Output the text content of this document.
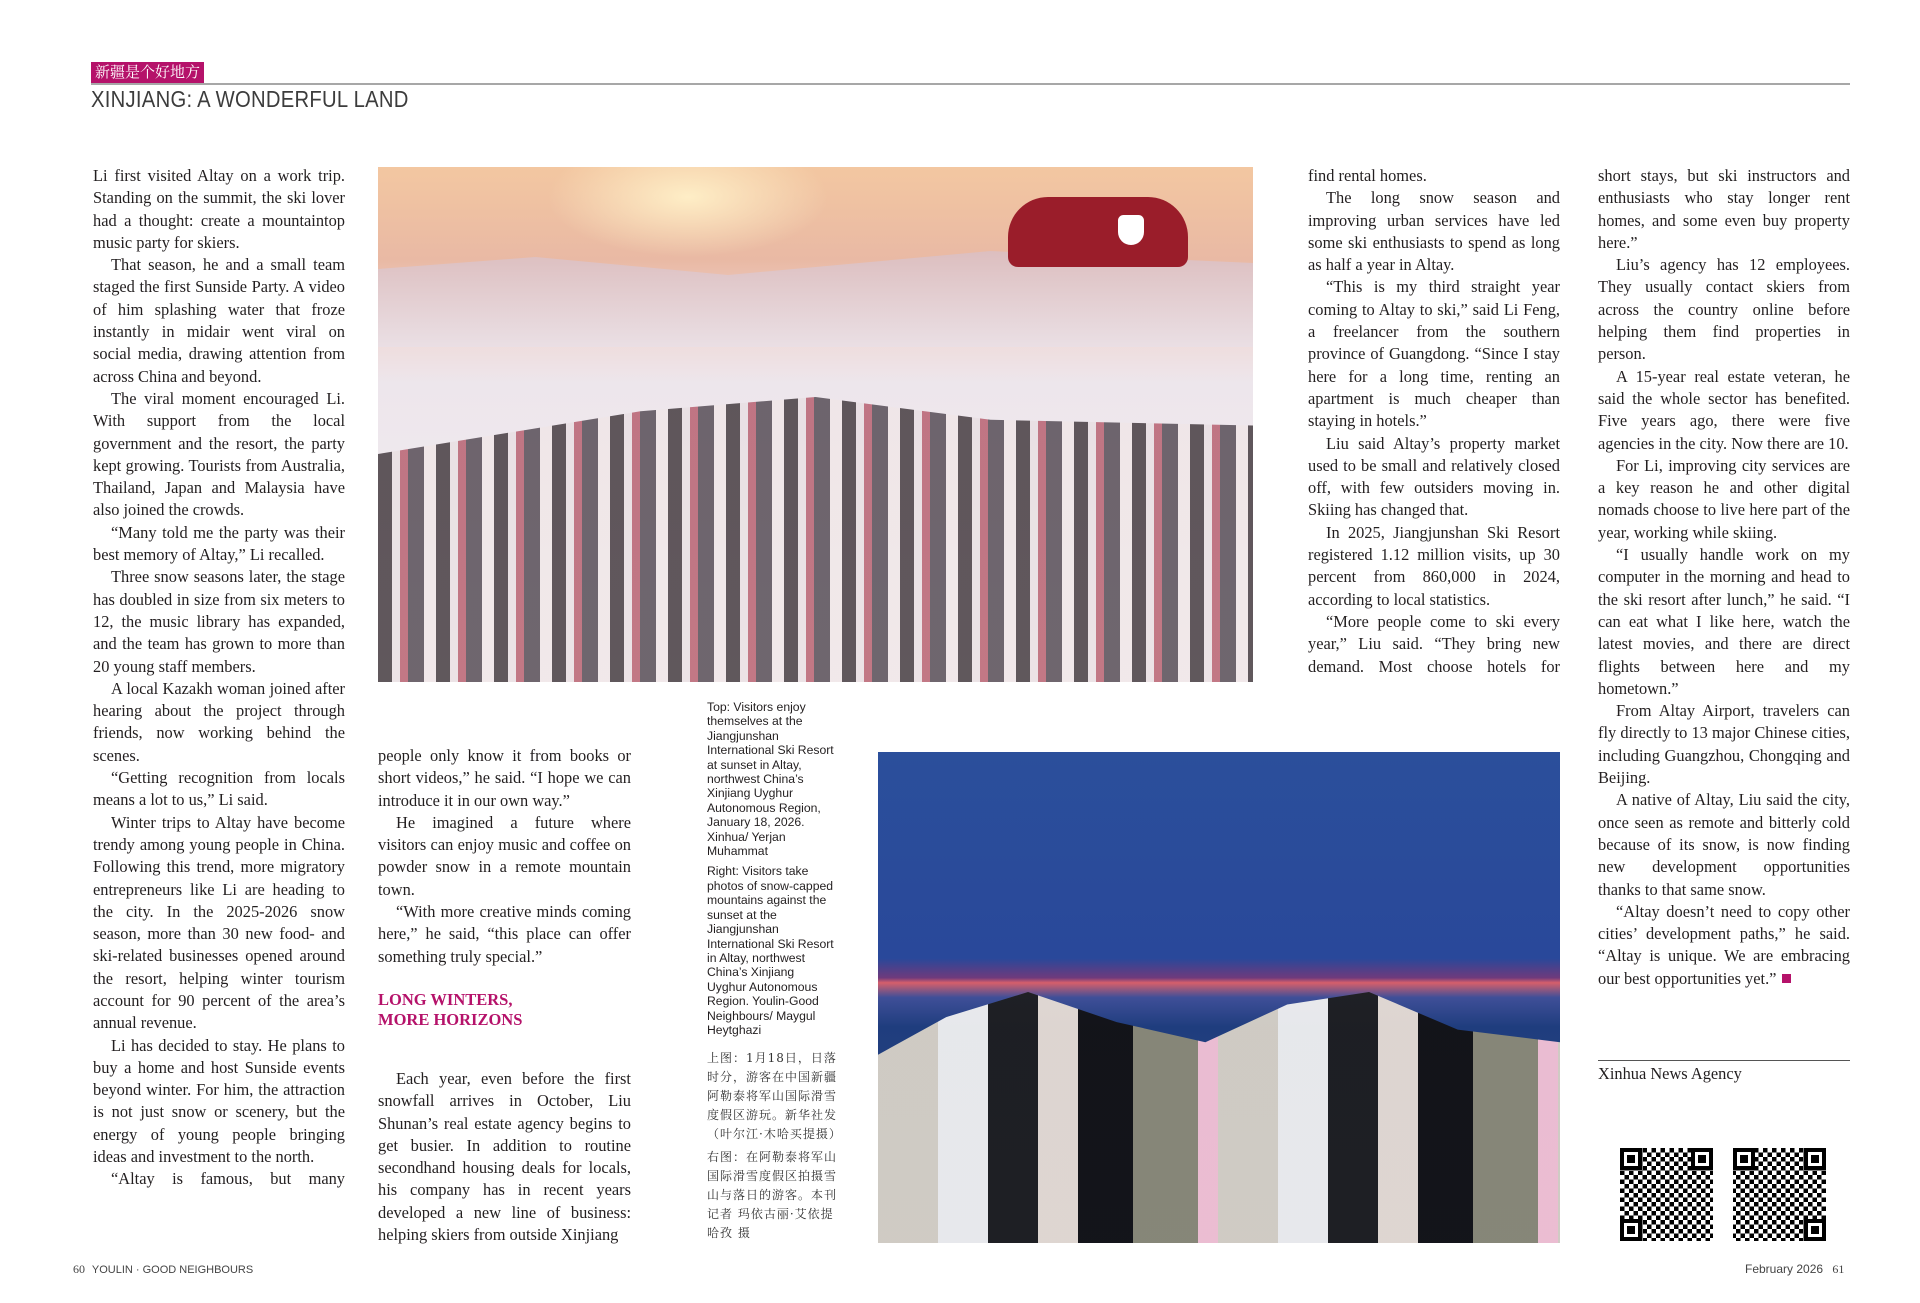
新疆是个好地方
XINJIANG: A WONDERFUL LAND

Li first visited Altay on a work trip. Standing on the summit, the ski lover had a thought: create a mountaintop music party for skiers.

That season, he and a small team staged the first Sunside Party. A video of him splashing water that froze instantly in midair went viral on social media, drawing attention from across China and beyond.

The viral moment encouraged Li. With support from the local government and the resort, the party kept growing. Tourists from Australia, Thailand, Japan and Malaysia have also joined the crowds.

“Many told me the party was their best memory of Altay,” Li recalled.

Three snow seasons later, the stage has doubled in size from six meters to 12, the music library has expanded, and the team has grown to more than 20 young staff members.

A local Kazakh woman joined after hearing about the project through friends, now working behind the scenes.

“Getting recognition from locals means a lot to us,” Li said.

Winter trips to Altay have become trendy among young people in China. Following this trend, more migratory entrepreneurs like Li are heading to the city. In the 2025-2026 snow season, more than 30 new food- and ski-related businesses opened around the resort, helping winter tourism account for 90 percent of the area’s annual revenue.

Li has decided to stay. He plans to buy a home and host Sunside events beyond winter. For him, the attraction is not just snow or scenery, but the energy of young people bringing ideas and investment to the north.

“Altay is famous, but many

people only know it from books or short videos,” he said. “I hope we can introduce it in our own way.”

He imagined a future where visitors can enjoy music and coffee on powder snow in a remote mountain town.

“With more creative minds coming here,” he said, “this place can offer something truly special.”

LONG WINTERS,
MORE HORIZONS

Each year, even before the first snowfall arrives in October, Liu Shunan’s real estate agency begins to get busier. In addition to routine secondhand housing deals for locals, his company has in recent years developed a new line of business: helping skiers from outside Xinjiang

Top: Visitors enjoy themselves at the Jiangjunshan International Ski Resort at sunset in Altay, northwest China’s Xinjiang Uyghur Autonomous Region, January 18, 2026. Xinhua/ Yerjan Muhammat

Right: Visitors take photos of snow-capped mountains against the sunset at the Jiangjunshan International Ski Resort in Altay, northwest China’s Xinjiang Uyghur Autonomous Region. Youlin-Good Neighbours/ Maygul Heytghazi

上图：1月18日，日落时分，游客在中国新疆阿勒泰将军山国际滑雪度假区游玩。新华社发（叶尔江·木哈买提摄）

右图：在阿勒泰将军山国际滑雪度假区拍摄雪山与落日的游客。本刊记者 玛依古丽·艾依提哈孜 摄

find rental homes.

The long snow season and improving urban services have led some ski enthusiasts to spend as long as half a year in Altay.

“This is my third straight year coming to Altay to ski,” said Li Feng, a freelancer from the southern province of Guangdong. “Since I stay here for a long time, renting an apartment is much cheaper than staying in hotels.”

Liu said Altay’s property market used to be small and relatively closed off, with few outsiders moving in. Skiing has changed that.

In 2025, Jiangjunshan Ski Resort registered 1.12 million visits, up 30 percent from 860,000 in 2024, according to local statistics.

“More people come to ski every year,” Liu said. “They bring new demand. Most choose hotels for

short stays, but ski instructors and enthusiasts who stay longer rent homes, and some even buy property here.”

Liu’s agency has 12 employees. They usually contact skiers from across the country online before helping them find properties in person.

A 15-year real estate veteran, he said the whole sector has benefited. Five years ago, there were five agencies in the city. Now there are 10.

For Li, improving city services are a key reason he and other digital nomads choose to live here part of the year, working while skiing.

“I usually handle work on my computer in the morning and head to the ski resort after lunch,” he said. “I can eat what I like here, watch the latest movies, and there are direct flights between here and my hometown.”

From Altay Airport, travelers can fly directly to 13 major Chinese cities, including Guangzhou, Chongqing and Beijing.

A native of Altay, Liu said the city, once seen as remote and bitterly cold because of its snow, is now finding new development opportunities thanks to that same snow.

“Altay doesn’t need to copy other cities’ development paths,” he said. “Altay is unique. We are embracing our best opportunities yet.”

Xinhua News Agency
60 YOULIN · GOOD NEIGHBOURS	February 2026 61
